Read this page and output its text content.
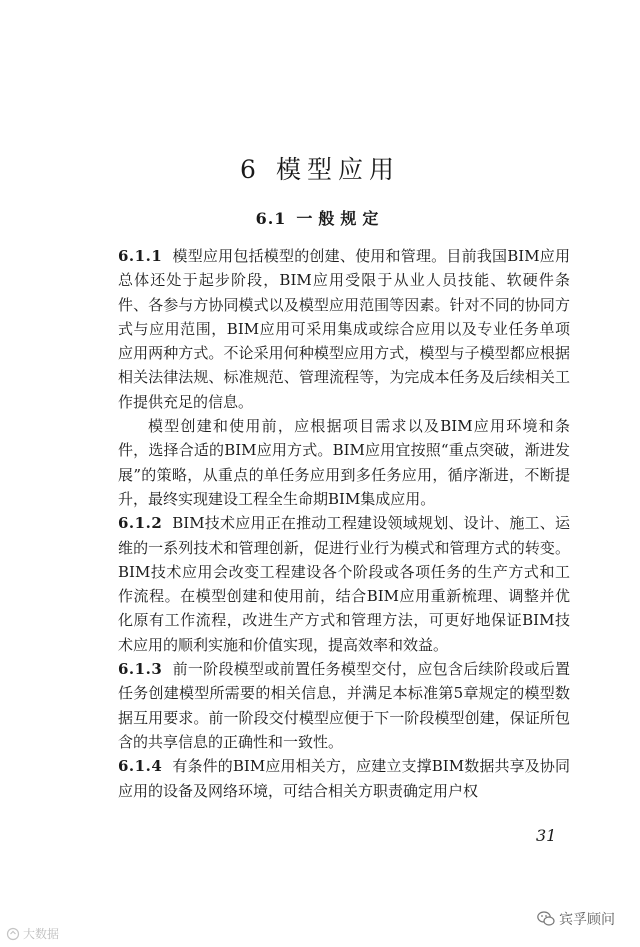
6 模型应用
6.1 一般规定

6.1.1 模型应用包括模型的创建、使用和管理。目前我国BIM应用总体还处于起步阶段，BIM应用受限于从业人员技能、软硬件条件、各参与方协同模式以及模型应用范围等因素。针对不同的协同方式与应用范围，BIM应用可采用集成或综合应用以及专业任务单项应用两种方式。不论采用何种模型应用方式，模型与子模型都应根据相关法律法规、标准规范、管理流程等，为完成本任务及后续相关工作提供充足的信息。

模型创建和使用前，应根据项目需求以及BIM应用环境和条件，选择合适的BIM应用方式。BIM应用宜按照“重点突破，渐进发展”的策略，从重点的单任务应用到多任务应用，循序渐进，不断提升，最终实现建设工程全生命期BIM集成应用。

6.1.2 BIM技术应用正在推动工程建设领域规划、设计、施工、运维的一系列技术和管理创新，促进行业行为模式和管理方式的转变。BIM技术应用会改变工程建设各个阶段或各项任务的生产方式和工作流程。在模型创建和使用前，结合BIM应用重新梳理、调整并优化原有工作流程，改进生产方式和管理方法，可更好地保证BIM技术应用的顺利实施和价值实现，提高效率和效益。

6.1.3 前一阶段模型或前置任务模型交付，应包含后续阶段或后置任务创建模型所需要的相关信息，并满足本标准第5章规定的模型数据互用要求。前一阶段交付模型应便于下一阶段模型创建，保证所包含的共享信息的正确性和一致性。

6.1.4 有条件的BIM应用相关方，应建立支撑BIM数据共享及协同应用的设备及网络环境，可结合相关方职责确定用户权

31
大数据
宾孚顾问
